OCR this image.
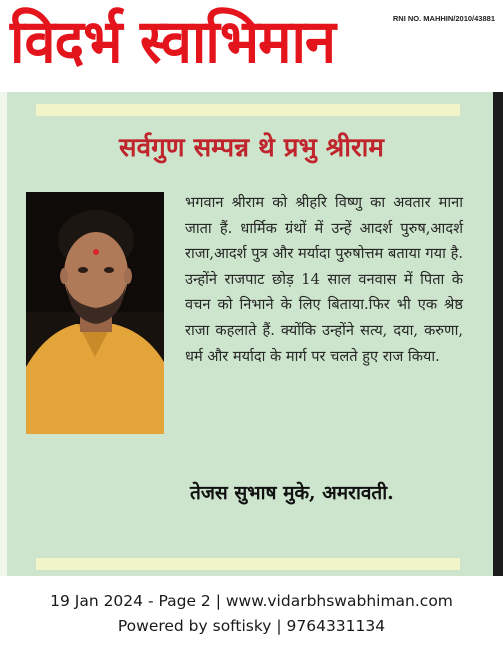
विदर्भ स्वाभिमान	RNI NO. MAHHIN/2010/43881
सर्वगुण सम्पन्न थे प्रभु श्रीराम
भगवान श्रीराम को श्रीहरि विष्णु का अवतार माना जाता हैं. धार्मिक ग्रंथों में उन्हें आदर्श पुरुष,आदर्श राजा,आदर्श पुत्र और मर्यादा पुरुषोत्तम बताया गया है. उन्होंने राजपाट छोड़ 14 साल वनवास में पिता के वचन को निभाने के लिए बिताया.फिर भी एक श्रेष्ठ राजा कहलाते हैं. क्योंकि उन्होंने सत्य, दया, करुणा, धर्म और मर्यादा के मार्ग पर चलते हुए राज किया.
तेजस सुभाष मुके, अमरावती.
19 Jan 2024 - Page 2 | www.vidarbhswabhiman.com
Powered by softisky | 9764331134
